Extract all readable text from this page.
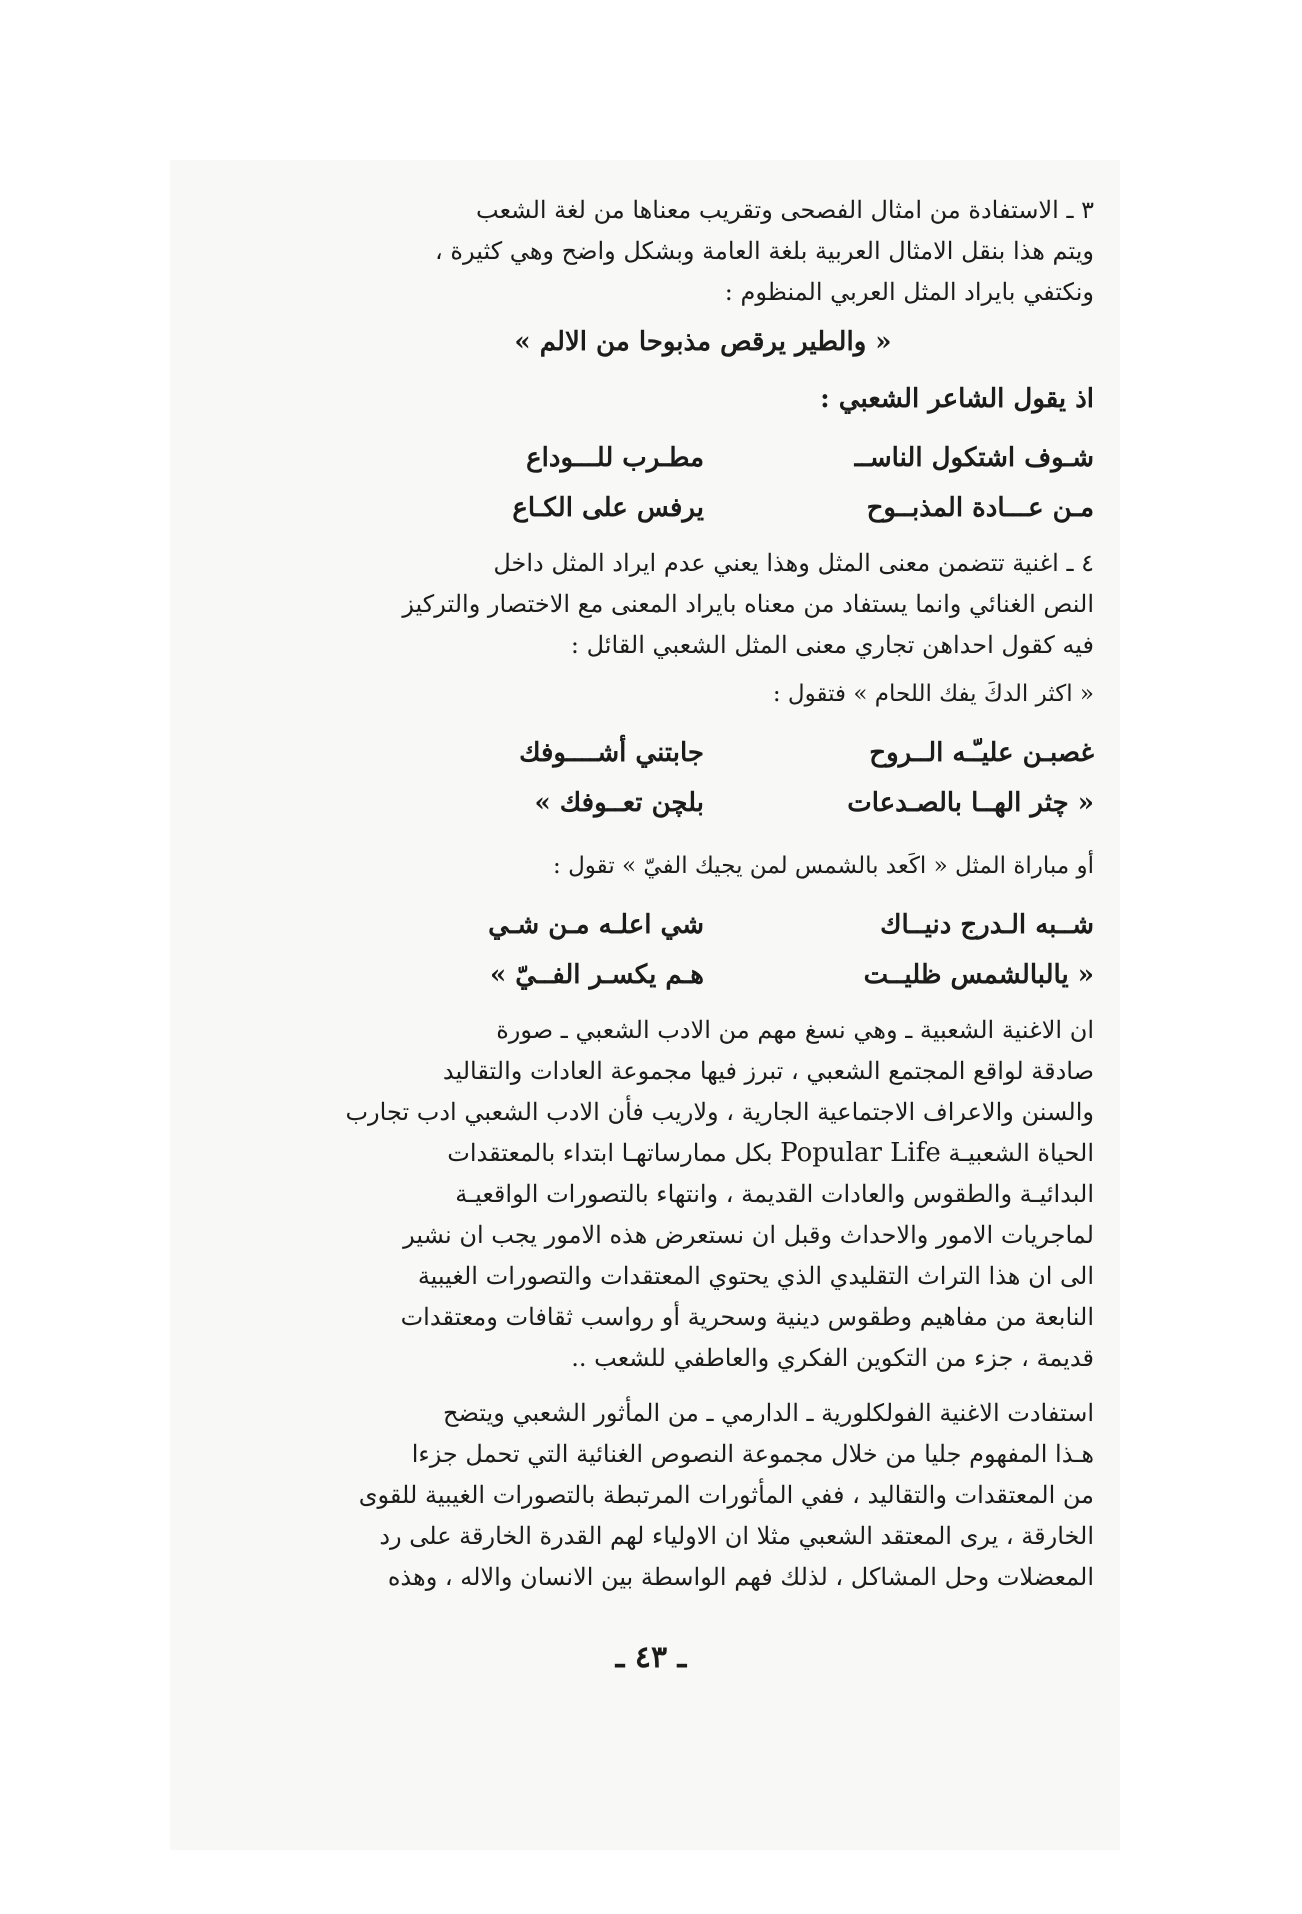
٣ ـ الاستفادة من امثال الفصحى وتقريب معناها من لغة الشعب
ويتم هذا بنقل الامثال العربية بلغة العامة وبشكل واضح وهي كثيرة ،
ونكتفي بايراد المثل العربي المنظوم :
« والطير يرقص مذبوحا من الالم »
اذ يقول الشاعر الشعبي :
شـوف اشتكول الناســ
مطـرب للـــوداع
مـن عـــادة المذبــوح
يرفس على الكـاع
٤ ـ اغنية تتضمن معنى المثل وهذا يعني عدم ايراد المثل داخل
النص الغنائي وانما يستفاد من معناه بايراد المعنى مع الاختصار والتركيز
فيه كقول احداهن تجاري معنى المثل الشعبي القائل :
« اكثر الدكَ يفك اللحام » فتقول :
غصبـن عليـّـه الــروح
جابتني أشــــوفك
« چثر الهــا بالصـدعات
بلچن تعــوفك »
أو مباراة المثل « اكَعد بالشمس لمن يجيك الفيّ » تقول :
شــبه الـدرج دنيــاك
شي اعلـه مـن شـي
« يالبالشمس ظليــت
هـم يكسـر الفــيّ »
ان الاغنية الشعبية ـ وهي نسغ مهم من الادب الشعبي ـ صورة
صادقة لواقع المجتمع الشعبي ، تبرز فيها مجموعة العادات والتقاليد
والسنن والاعراف الاجتماعية الجارية ، ولاريب فأن الادب الشعبي ادب تجارب
الحياة الشعبيـة Popular Life بكل ممارساتهـا ابتداء بالمعتقدات
البدائيـة والطقوس والعادات القديمة ، وانتهاء بالتصورات الواقعيـة
لماجريات الامور والاحداث وقبل ان نستعرض هذه الامور يجب ان نشير
الى ان هذا التراث التقليدي الذي يحتوي المعتقدات والتصورات الغيبية
النابعة من مفاهيم وطقوس دينية وسحرية أو رواسب ثقافات ومعتقدات
قديمة ، جزء من التكوين الفكري والعاطفي للشعب ..
استفادت الاغنية الفولكلورية ـ الدارمي ـ من المأثور الشعبي ويتضح
هـذا المفهوم جليا من خلال مجموعة النصوص الغنائية التي تحمل جزءا
من المعتقدات والتقاليد ، ففي المأثورات المرتبطة بالتصورات الغيبية للقوى
الخارقة ، يرى المعتقد الشعبي مثلا ان الاولياء لهم القدرة الخارقة على رد
المعضلات وحل المشاكل ، لذلك فهم الواسطة بين الانسان والاله ، وهذه
ـ ٤٣ ـ
